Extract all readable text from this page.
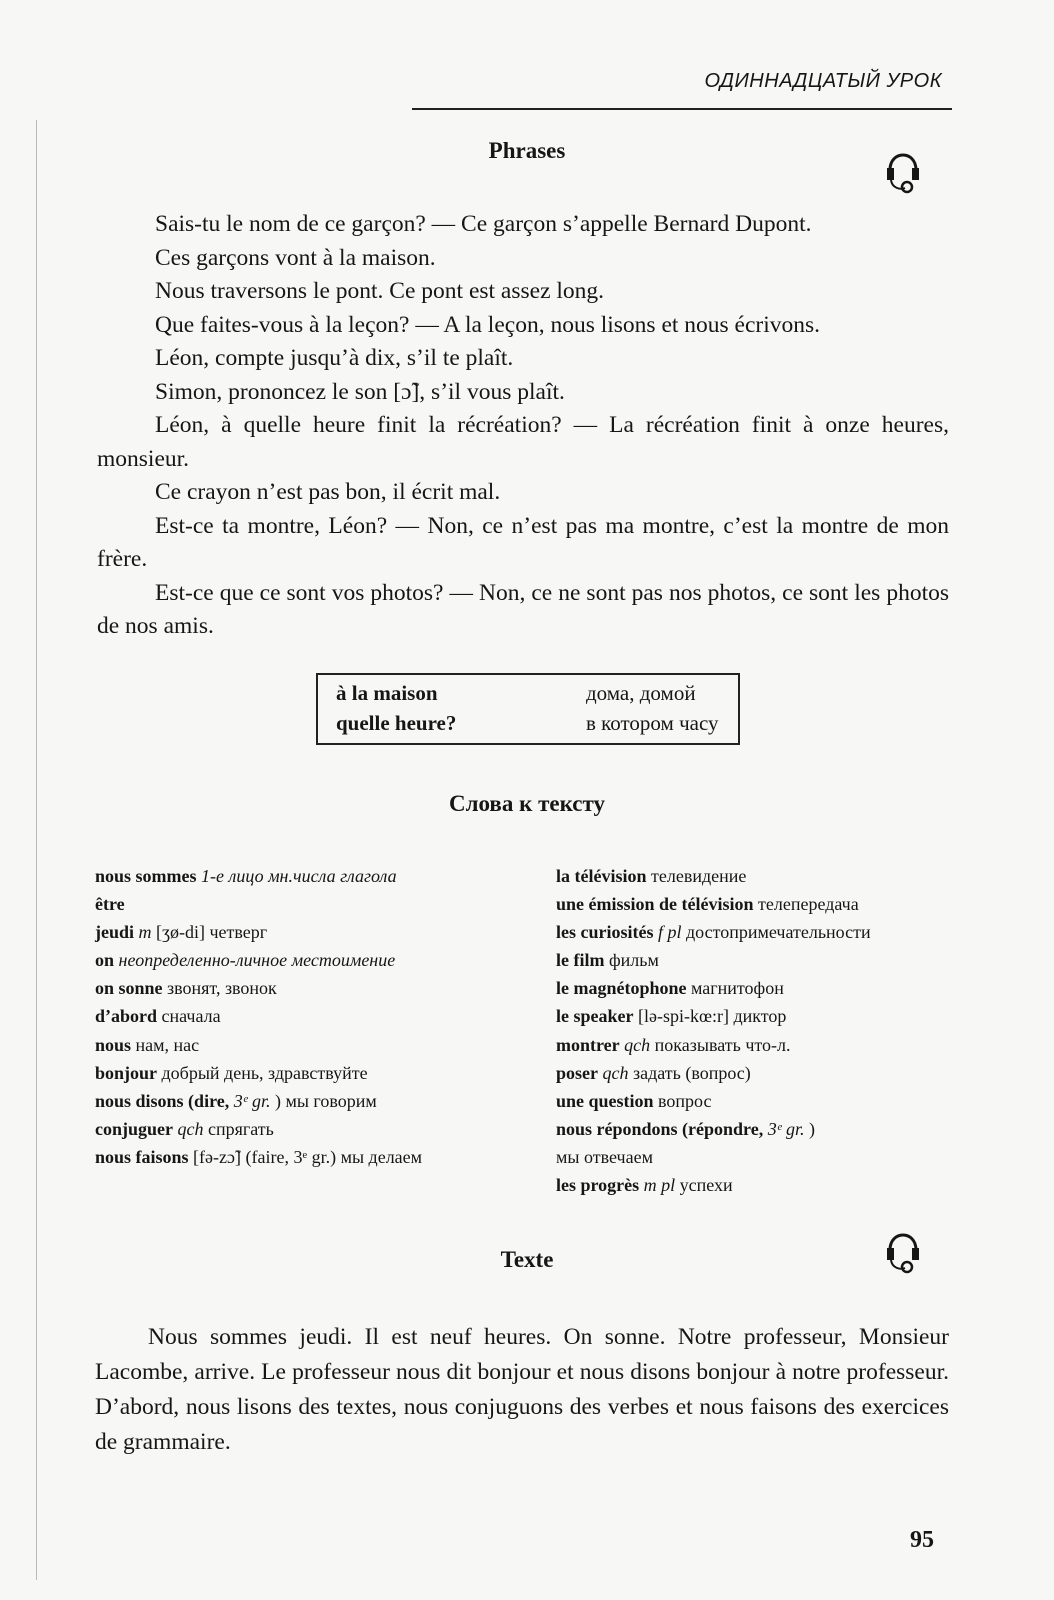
ОДИННАДЦАТЫЙ УРОК
Phrases

Sais-tu le nom de ce garçon? — Ce garçon s’appelle Bernard Dupont.

Ces garçons vont à la maison.

Nous traversons le pont. Ce pont est assez long.

Que faites-vous à la leçon? — A la leçon, nous lisons et nous écrivons.

Léon, compte jusqu’à dix, s’il te plaît.

Simon, prononcez le son [ɔ̃], s’il vous plaît.

Léon, à quelle heure finit la récréation? — La récréation finit à onze heures, monsieur.

Ce crayon n’est pas bon, il écrit mal.

Est-ce ta montre, Léon? — Non, ce n’est pas ma montre, c’est la montre de mon frère.

Est-ce que ce sont vos photos? — Non, ce ne sont pas nos photos, ce sont les photos de nos amis.

à la maison	дома, домой
quelle heure?	в котором часу
Слова к тексту
nous sommes 1-е лицо мн.числа глагола
être
jeudi m [ʒø-di] четверг
on неопределенно-личное местоимение
on sonne звонят, звонок
d’abord сначала
nous нам, нас
bonjour добрый день, здравствуйте
nous disons (dire, 3ᵉ gr. ) мы говорим
conjuguer qch спрягать
nous faisons [fə-zɔ̃] (faire, 3ᵉ gr.) мы делаем
la télévision телевидение
une émission de télévision телепередача
les curiosités f pl достопримечательности
le film фильм
le magnétophone магнитофон
le speaker [lə-spi-kœ:r] диктор
montrer qch показывать что-л.
poser qch задать (вопрос)
une question вопрос
nous répondons (répondre, 3ᵉ gr. )
мы отвечаем
les progrès m pl успехи
Texte

Nous sommes jeudi. Il est neuf heures. On sonne. Notre professeur, Monsieur Lacombe, arrive. Le professeur nous dit bonjour et nous disons bonjour à notre professeur. D’abord, nous lisons des textes, nous conjuguons des verbes et nous faisons des exercices de grammaire.

95
